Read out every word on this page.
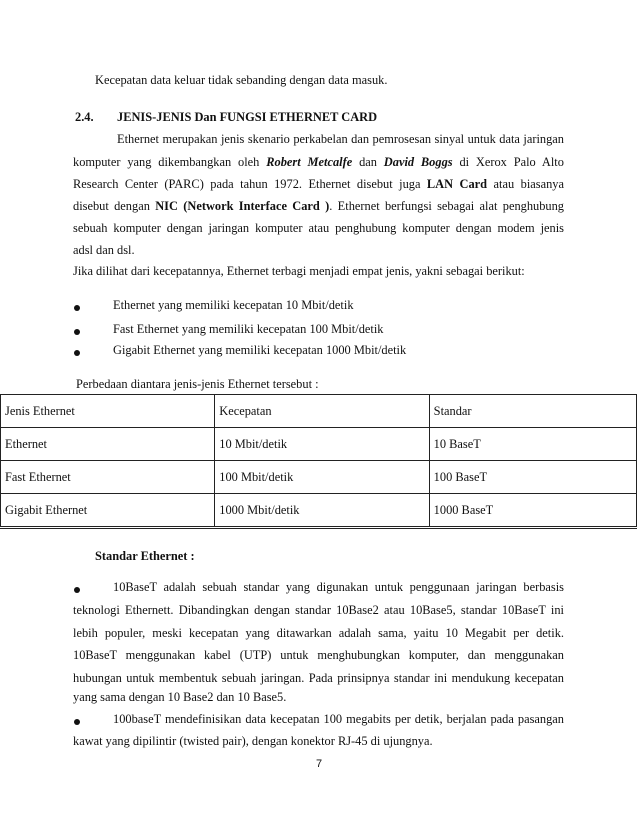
Kecepatan data keluar tidak sebanding dengan data masuk.
2.4. JENIS-JENIS Dan FUNGSI ETHERNET CARD
Ethernet merupakan jenis skenario perkabelan dan pemrosesan sinyal untuk data jaringan
komputer yang dikembangkan oleh Robert Metcalfe dan David Boggs di Xerox Palo Alto
Research Center (PARC) pada tahun 1972. Ethernet disebut juga LAN Card atau biasanya
disebut dengan NIC (Network Interface Card ). Ethernet berfungsi sebagai alat penghubung
sebuah komputer dengan jaringan komputer atau penghubung komputer dengan modem jenis
adsl dan dsl.
Jika dilihat dari kecepatannya, Ethernet terbagi menjadi empat jenis, yakni sebagai berikut:
Ethernet yang memiliki kecepatan 10 Mbit/detik
Fast Ethernet yang memiliki kecepatan 100 Mbit/detik
Gigabit Ethernet yang memiliki kecepatan 1000 Mbit/detik
Perbedaan diantara jenis-jenis Ethernet tersebut :
Jenis Ethernet	Kecepatan	Standar
Ethernet	10 Mbit/detik	10 BaseT
Fast Ethernet	100 Mbit/detik	100 BaseT
Gigabit Ethernet	1000 Mbit/detik	1000 BaseT
Standar Ethernet :
10BaseT adalah sebuah standar yang digunakan untuk penggunaan jaringan berbasis
teknologi Ethernett. Dibandingkan dengan standar 10Base2 atau 10Base5, standar 10BaseT ini
lebih populer, meski kecepatan yang ditawarkan adalah sama, yaitu 10 Megabit per detik.
10BaseT menggunakan kabel (UTP) untuk menghubungkan komputer, dan menggunakan
hubungan untuk membentuk sebuah jaringan. Pada prinsipnya standar ini mendukung kecepatan
yang sama dengan 10 Base2 dan 10 Base5.
100baseT mendefinisikan data kecepatan 100 megabits per detik, berjalan pada pasangan
kawat yang dipilintir (twisted pair), dengan konektor RJ-45 di ujungnya.
7
